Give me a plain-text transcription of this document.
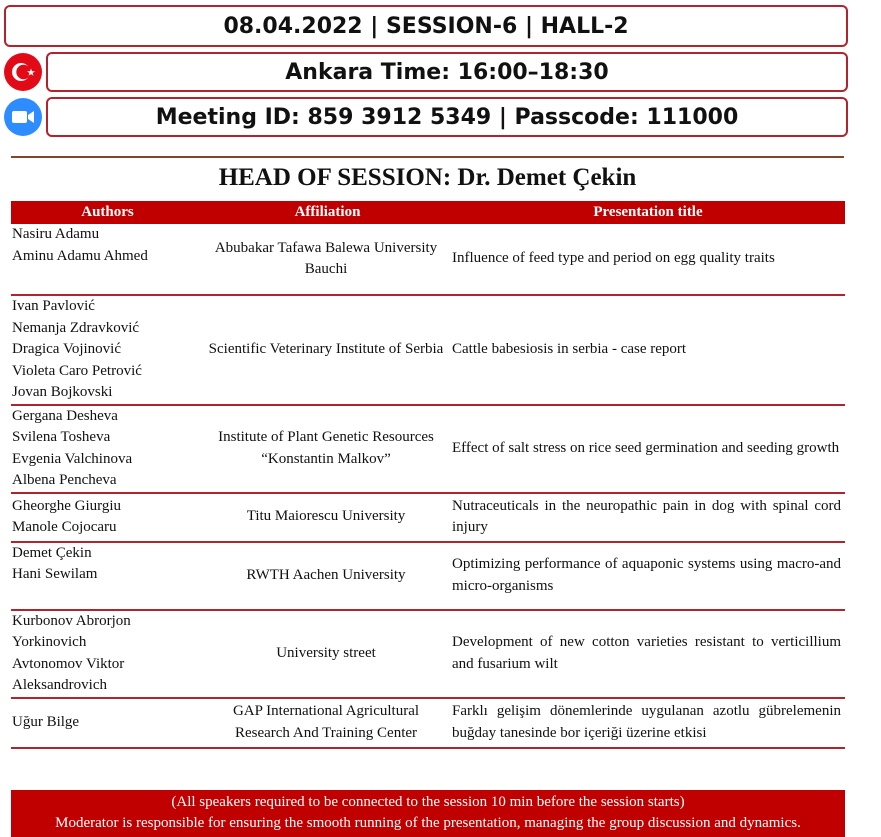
08.04.2022 | SESSION-6 | HALL-2
Ankara Time: 16:00–18:30
Meeting ID: 859 3912 5349 | Passcode: 111000
HEAD OF SESSION: Dr. Demet Çekin
Authors	Affiliation	Presentation title

Nasiru Adamu
Aminu Adamu Ahmed	Abubakar Tafawa Balewa University Bauchi	Influence of feed type and period on egg quality traits

Ivan Pavlović
Nemanja Zdravković
Dragica Vojinović
Violeta Caro Petrović
Jovan Bojkovski	Scientific Veterinary Institute of Serbia	Cattle babesiosis in serbia - case report

Gergana Desheva
Svilena Tosheva
Evgenia Valchinova
Albena Pencheva	Institute of Plant Genetic Resources “Konstantin Malkov”	Effect of salt stress on rice seed germination and seeding growth

Gheorghe Giurgiu
Manole Cojocaru	Titu Maiorescu University	Nutraceuticals in the neuropathic pain in dog with spinal cord injury

Demet Çekin
Hani Sewilam	RWTH Aachen University	Optimizing performance of aquaponic systems using macro-and micro-organisms

Kurbonov Abrorjon
Yorkinovich
Avtonomov Viktor
Aleksandrovich	University street	Development of new cotton varieties resistant to verticillium and fusarium wilt

Uğur Bilge	GAP International Agricultural Research And Training Center	Farklı gelişim dönemlerinde uygulanan azotlu gübrelemenin buğday tanesinde bor içeriği üzerine etkisi
(All speakers required to be connected to the session 10 min before the session starts)
Moderator is responsible for ensuring the smooth running of the presentation, managing the group discussion and dynamics.
